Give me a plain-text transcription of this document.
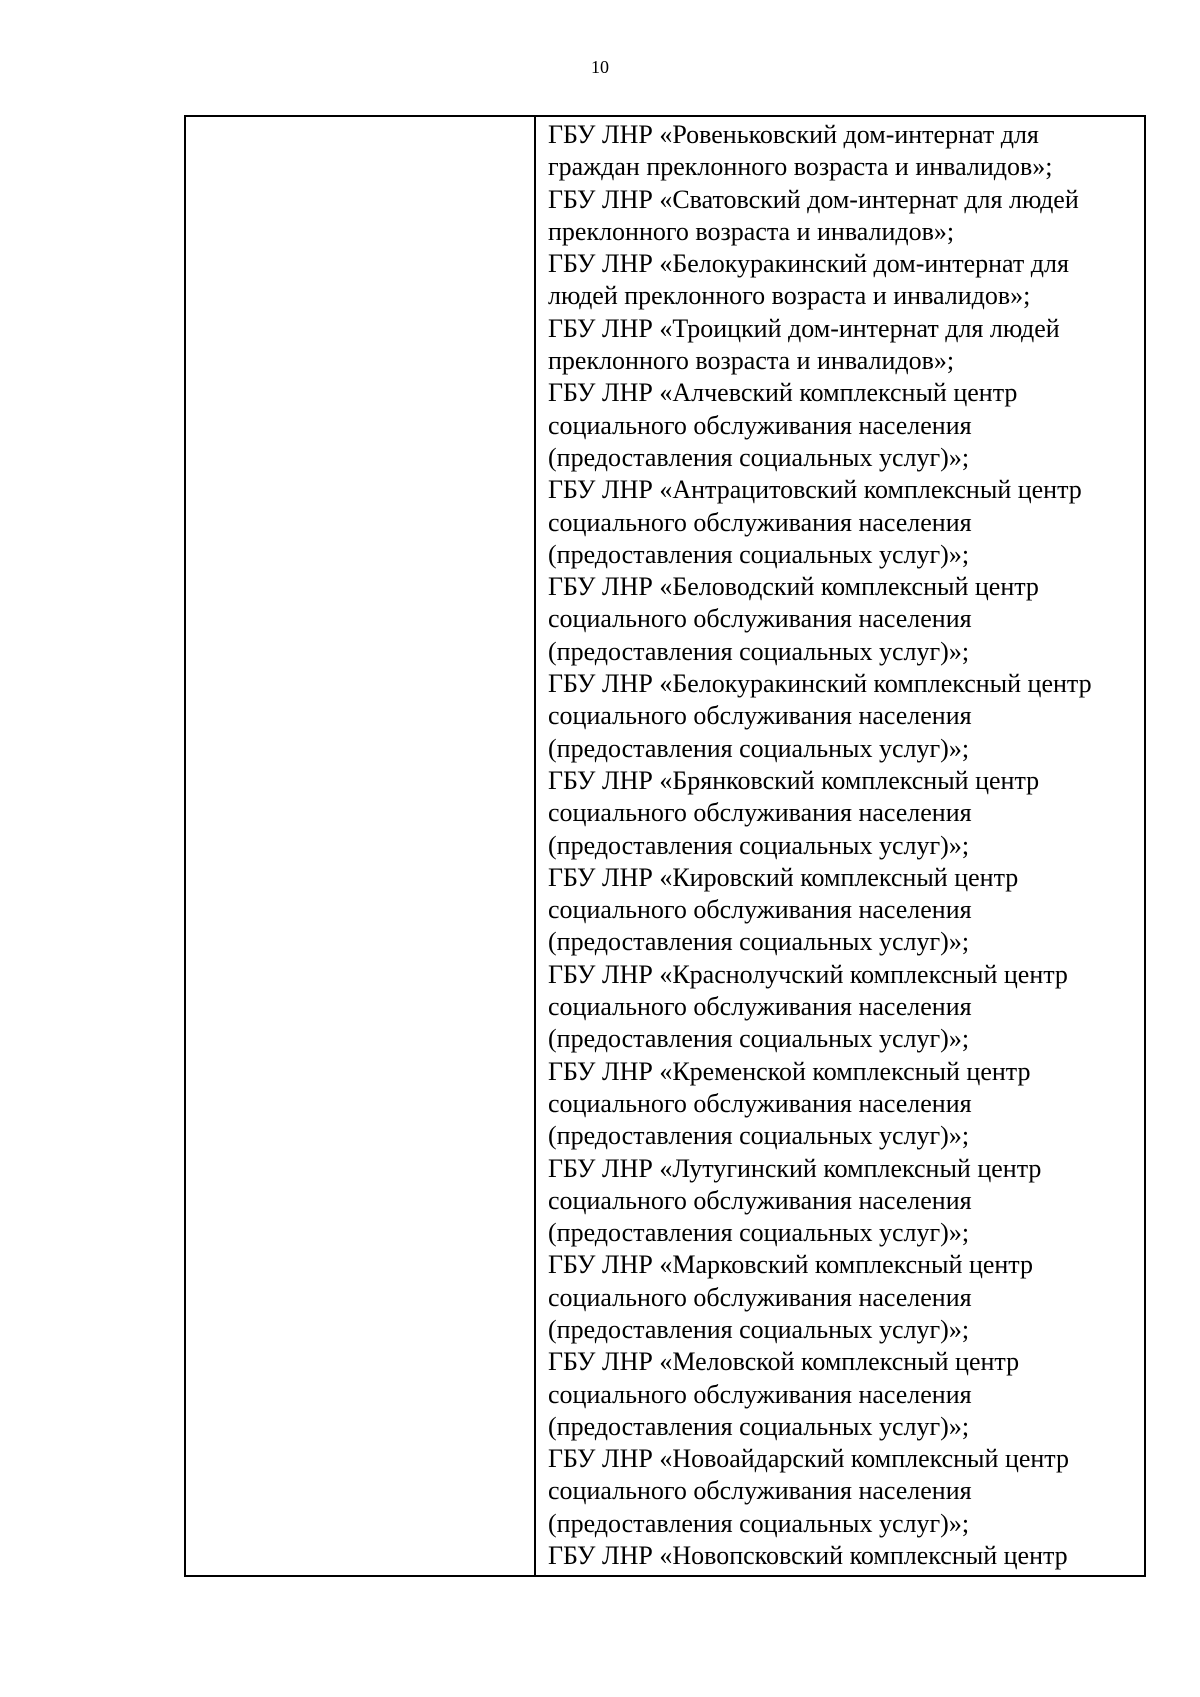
10
ГБУ ЛНР «Ровеньковский дом-интернат для
граждан преклонного возраста и инвалидов»;
ГБУ ЛНР «Сватовский дом-интернат для людей
преклонного возраста и инвалидов»;
ГБУ ЛНР «Белокуракинский дом-интернат для
людей преклонного возраста и инвалидов»;
ГБУ ЛНР «Троицкий дом-интернат для людей
преклонного возраста и инвалидов»;
ГБУ ЛНР «Алчевский комплексный центр
социального обслуживания населения
(предоставления социальных услуг)»;
ГБУ ЛНР «Антрацитовский комплексный центр
социального обслуживания населения
(предоставления социальных услуг)»;
ГБУ ЛНР «Беловодский комплексный центр
социального обслуживания населения
(предоставления социальных услуг)»;
ГБУ ЛНР «Белокуракинский комплексный центр
социального обслуживания населения
(предоставления социальных услуг)»;
ГБУ ЛНР «Брянковский комплексный центр
социального обслуживания населения
(предоставления социальных услуг)»;
ГБУ ЛНР «Кировский комплексный центр
социального обслуживания населения
(предоставления социальных услуг)»;
ГБУ ЛНР «Краснолучский комплексный центр
социального обслуживания населения
(предоставления социальных услуг)»;
ГБУ ЛНР «Кременской комплексный центр
социального обслуживания населения
(предоставления социальных услуг)»;
ГБУ ЛНР «Лутугинский комплексный центр
социального обслуживания населения
(предоставления социальных услуг)»;
ГБУ ЛНР «Марковский комплексный центр
социального обслуживания населения
(предоставления социальных услуг)»;
ГБУ ЛНР «Меловской комплексный центр
социального обслуживания населения
(предоставления социальных услуг)»;
ГБУ ЛНР «Новоайдарский комплексный центр
социального обслуживания населения
(предоставления социальных услуг)»;
ГБУ ЛНР «Новопсковский комплексный центр
